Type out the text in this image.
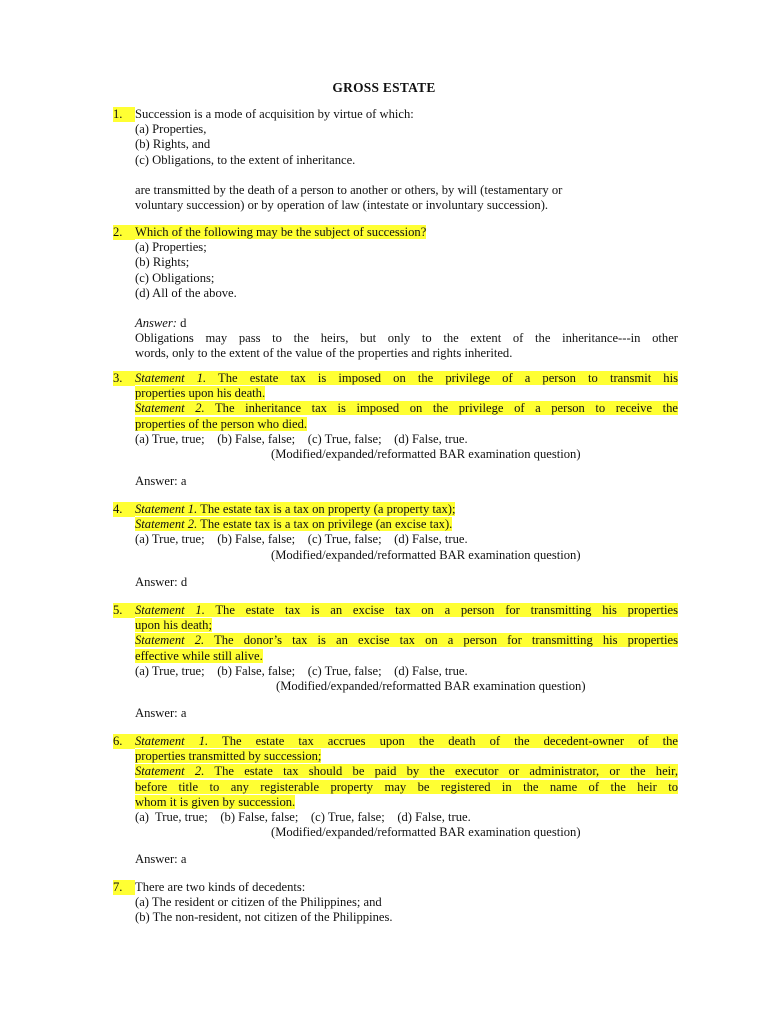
GROSS ESTATE
1. Succession is a mode of acquisition by virtue of which:
(a) Properties,
(b) Rights, and
(c) Obligations, to the extent of inheritance.
are transmitted by the death of a person to another or others, by will (testamentary or
voluntary succession) or by operation of law (intestate or involuntary succession).
2. Which of the following may be the subject of succession?
(a) Properties;
(b) Rights;
(c) Obligations;
(d) All of the above.
Answer: d
Obligations may pass to the heirs, but only to the extent of the inheritance---in other
words, only to the extent of the value of the properties and rights inherited.
3. Statement 1. The estate tax is imposed on the privilege of a person to transmit his
properties upon his death.
Statement 2. The inheritance tax is imposed on the privilege of a person to receive the
properties of the person who died.
(a) True, true;    (b) False, false;    (c) True, false;    (d) False, true.
(Modified/expanded/reformatted BAR examination question)
Answer: a
4. Statement 1. The estate tax is a tax on property (a property tax);
Statement 2. The estate tax is a tax on privilege (an excise tax).
(a) True, true;    (b) False, false;    (c) True, false;    (d) False, true.
(Modified/expanded/reformatted BAR examination question)
Answer: d
5. Statement 1. The estate tax is an excise tax on a person for transmitting his properties
upon his death;
Statement 2. The donor’s tax is an excise tax on a person for transmitting his properties
effective while still alive.
(a) True, true;    (b) False, false;    (c) True, false;    (d) False, true.
(Modified/expanded/reformatted BAR examination question)
Answer: a
6. Statement 1. The estate tax accrues upon the death of the decedent-owner of the
properties transmitted by succession;
Statement 2. The estate tax should be paid by the executor or administrator, or the heir,
before title to any registerable property may be registered in the name of the heir to
whom it is given by succession.
(a)  True, true;    (b) False, false;    (c) True, false;    (d) False, true.
(Modified/expanded/reformatted BAR examination question)
Answer: a
7. There are two kinds of decedents:
(a) The resident or citizen of the Philippines; and
(b) The non-resident, not citizen of the Philippines.
